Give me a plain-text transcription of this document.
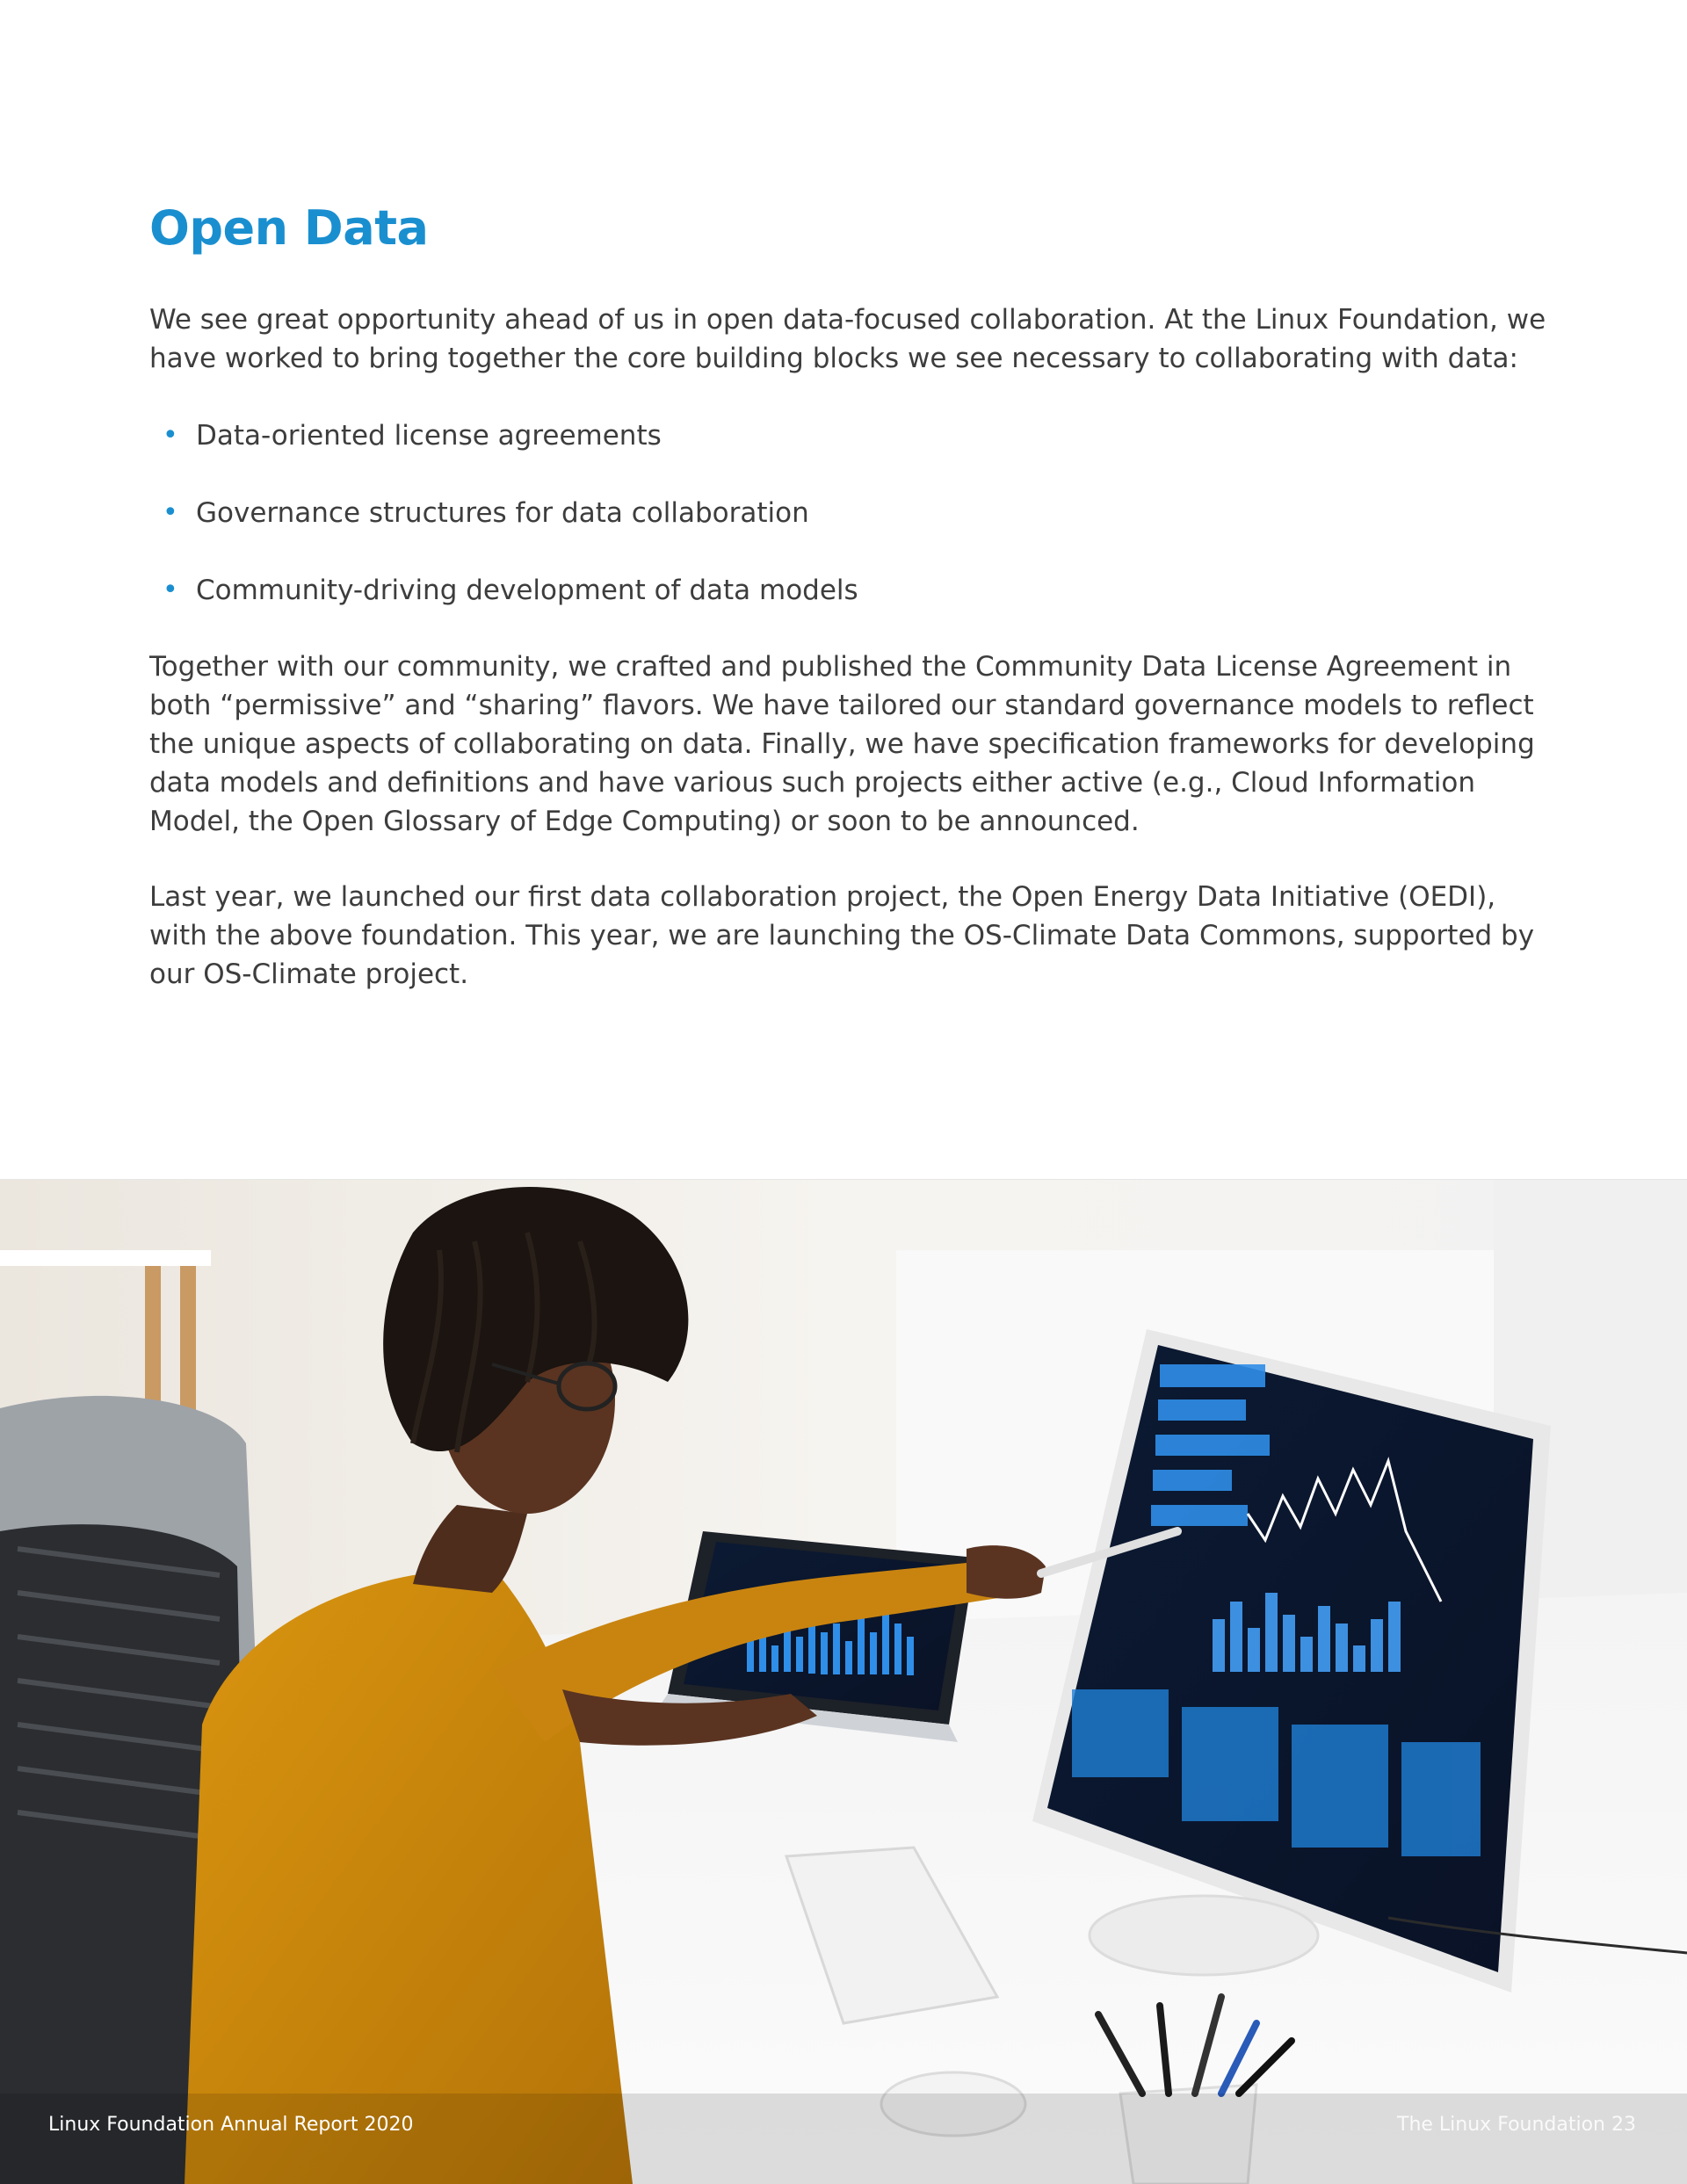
Open Data

We see great opportunity ahead of us in open data-focused collaboration. At the Linux Foundation, we have worked to bring together the core building blocks we see necessary to collaborating with data:

• Data-oriented license agreements
• Governance structures for data collaboration
• Community-driving development of data models

Together with our community, we crafted and published the Community Data License Agreement in both “permissive” and “sharing” flavors. We have tailored our standard governance models to reflect the unique aspects of collaborating on data. Finally, we have specification frameworks for developing data models and definitions and have various such projects either active (e.g., Cloud Information Model, the Open Glossary of Edge Computing) or soon to be announced.

Last year, we launched our first data collaboration project, the Open Energy Data Initiative (OEDI), with the above foundation. This year, we are launching the OS-Climate Data Commons, supported by our OS-Climate project.

Linux Foundation Annual Report 2020	The Linux Foundation 23
